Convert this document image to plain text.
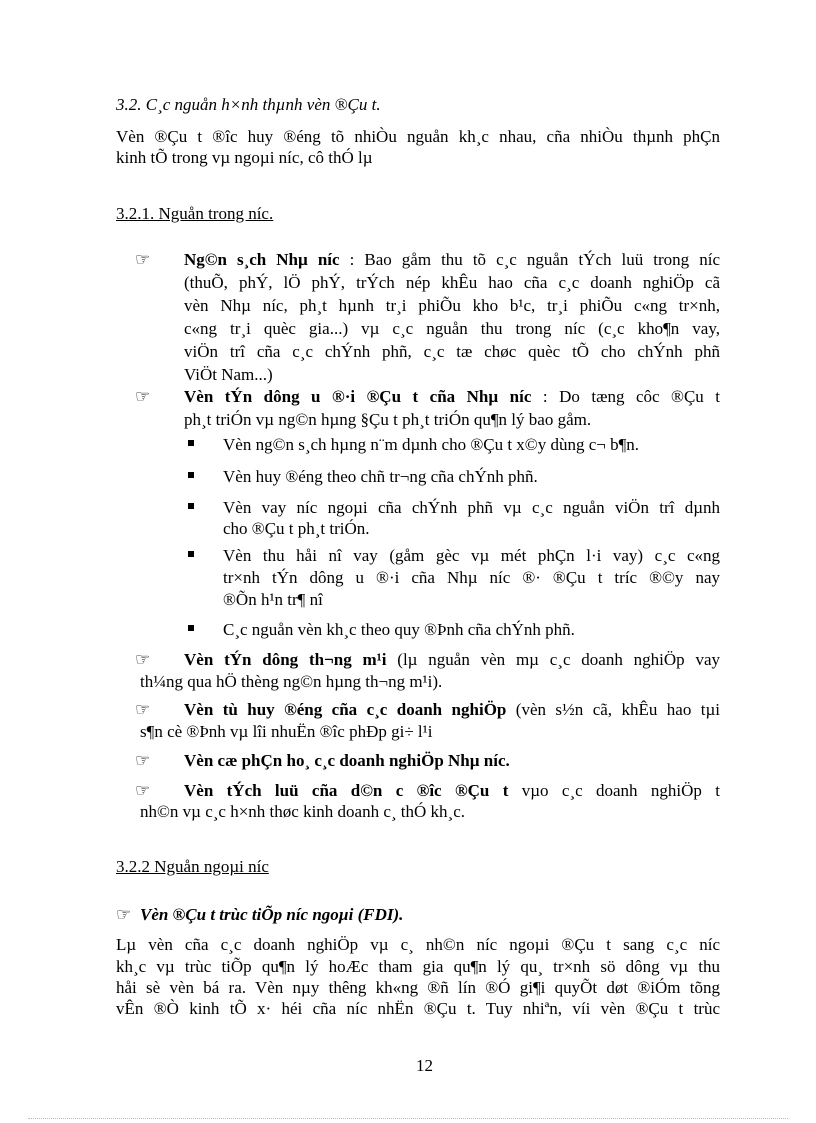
3.2. C¸c nguån h×nh thµnh vèn ®Çu t.
Vèn ®Çu t ®îc huy ®éng tõ nhiÒu nguån kh¸c nhau, cña nhiÒu thµnh phÇn
kinh tÕ trong vµ ngoµi níc, cô thÓ lµ
3.2.1. Nguån trong níc.
☞ Ng©n s¸ch Nhµ níc : Bao gåm thu tõ c¸c nguån tÝch luü trong níc
(thuÕ, phÝ, lÖ phÝ, trÝch nép khÊu hao cña c¸c doanh nghiÖp cã
vèn Nhµ níc, ph¸t hµnh tr¸i phiÕu kho b¹c, tr¸i phiÕu c«ng tr×nh,
c«ng tr¸i quèc gia...) vµ c¸c nguån thu trong níc (c¸c kho¶n vay,
viÖn trî cña c¸c chÝnh phñ, c¸c tæ chøc quèc tÕ cho chÝnh phñ
ViÖt Nam...)
☞ Vèn tÝn dông u ®·i ®Çu t cña Nhµ níc : Do tæng côc ®Çu t
ph¸t triÓn vµ ng©n hµng §Çu t ph¸t triÓn qu¶n lý bao gåm.
Vèn ng©n s¸ch hµng n¨m dµnh cho ®Çu t x©y dùng c¬ b¶n.
Vèn huy ®éng theo chñ tr¬ng cña chÝnh phñ.
Vèn vay níc ngoµi cña chÝnh phñ vµ c¸c nguån viÖn trî dµnh
cho ®Çu t ph¸t triÓn.
Vèn thu håi nî vay (gåm gèc vµ mét phÇn l·i vay) c¸c c«ng
tr×nh tÝn dông u ®·i cña Nhµ níc ®· ®Çu t tríc ®©y nay
®Õn h¹n tr¶ nî
C¸c nguån vèn kh¸c theo quy ®Þnh cña chÝnh phñ.
☞ Vèn tÝn dông th¬ng m¹i (lµ nguån vèn mµ c¸c doanh nghiÖp vay
th¼ng qua hÖ thèng ng©n hµng th¬ng m¹i).
☞ Vèn tù huy ®éng cña c¸c doanh nghiÖp (vèn s½n cã, khÊu hao tµi
s¶n cè ®Þnh vµ lîi nhuËn ®îc phÐp gi÷ l¹i
☞ Vèn cæ phÇn ho¸ c¸c doanh nghiÖp Nhµ níc.
☞ Vèn tÝch luü cña d©n c ®îc ®Çu t vµo c¸c doanh nghiÖp t
nh©n vµ c¸c h×nh thøc kinh doanh c¸ thÓ kh¸c.
3.2.2 Nguån ngoµi níc
☞ Vèn ®Çu t trùc tiÕp níc ngoµi (FDI).
Lµ vèn cña c¸c doanh nghiÖp vµ c¸ nh©n níc ngoµi ®Çu t sang c¸c níc
kh¸c vµ trùc tiÕp qu¶n lý hoÆc tham gia qu¶n lý qu¸ tr×nh sö dông vµ thu
håi sè vèn bá ra. Vèn nµy thêng kh«ng ®ñ lín ®Ó gi¶i quyÕt døt ®iÓm tõng
vÊn ®Ò kinh tÕ x· héi cña níc nhËn ®Çu t. Tuy nhiªn, víi vèn ®Çu t trùc
12
